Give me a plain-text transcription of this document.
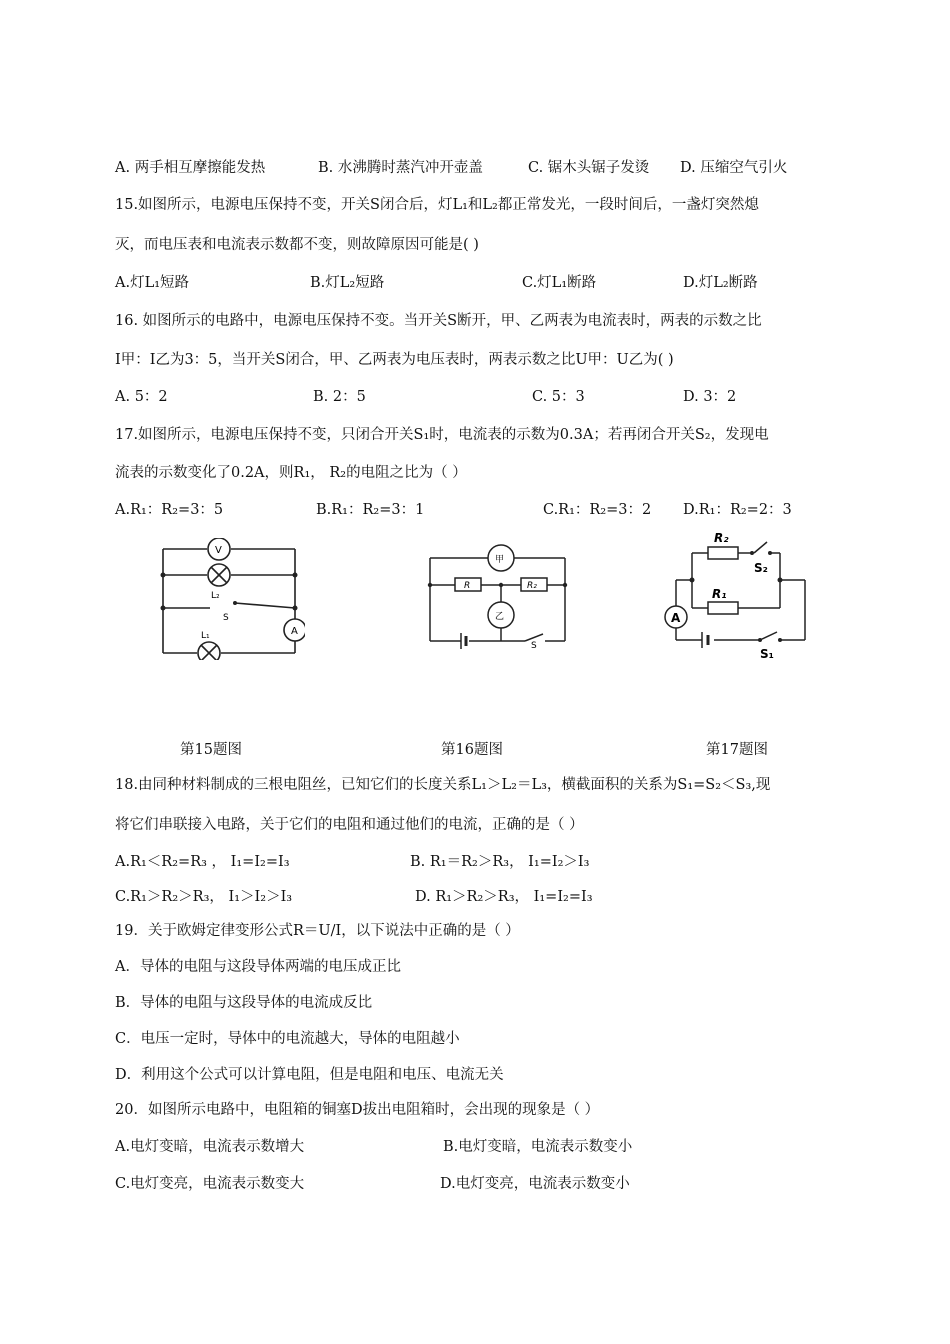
A. 两手相互摩擦能发热	B. 水沸腾时蒸汽冲开壶盖	C. 锯木头锯子发烫 D. 压缩空气引火
15.如图所示，电源电压保持不变，开关S闭合后，灯L₁和L₂都正常发光，一段时间后，一盏灯突然熄
灭，而电压表和电流表示数都不变，则故障原因可能是( )
A.灯L₁短路	B.灯L₂短路	C.灯L₁断路	D.灯L₂断路
16. 如图所示的电路中，电源电压保持不变。当开关S断开，甲、乙两表为电流表时，两表的示数之比
I甲：I乙为3：5，当开关S闭合，甲、乙两表为电压表时，两表示数之比U甲：U乙为( )
A. 5：2	B. 2：5	C. 5：3	D. 3：2
17.如图所示，电源电压保持不变，只闭合开关S₁时，电流表的示数为0.3A；若再闭合开关S₂，发现电
流表的示数变化了0.2A，则R₁， R₂的电阻之比为（ ）
A.R₁：R₂=3：5	B.R₁：R₂=3：1	C.R₁：R₂=3：2 D.R₁：R₂=2：3
V
A
L₂
S
L₁
甲
乙
R	R₂
S
R₂
R₁
S₂
S₁
A
第15题图	第16题图	第17题图
18.由同种材料制成的三根电阻丝，已知它们的长度关系L₁＞L₂＝L₃，横截面积的关系为S₁=S₂＜S₃,现
将它们串联接入电路，关于它们的电阻和通过他们的电流，正确的是（ ）
A.R₁＜R₂=R₃ ， I₁=I₂=I₃	B. R₁＝R₂＞R₃， I₁=I₂＞I₃
C.R₁＞R₂＞R₃， I₁＞I₂＞I₃	D. R₁＞R₂＞R₃， I₁=I₂=I₃
19．关于欧姆定律变形公式R＝U/I，以下说法中正确的是（ ）
A．导体的电阻与这段导体两端的电压成正比
B．导体的电阻与这段导体的电流成反比
C．电压一定时，导体中的电流越大，导体的电阻越小
D．利用这个公式可以计算电阻，但是电阻和电压、电流无关
20．如图所示电路中，电阻箱的铜塞D拔出电阻箱时，会出现的现象是（ ）
A.电灯变暗，电流表示数增大	B.电灯变暗，电流表示数变小
C.电灯变亮，电流表示数变大	D.电灯变亮，电流表示数变小
